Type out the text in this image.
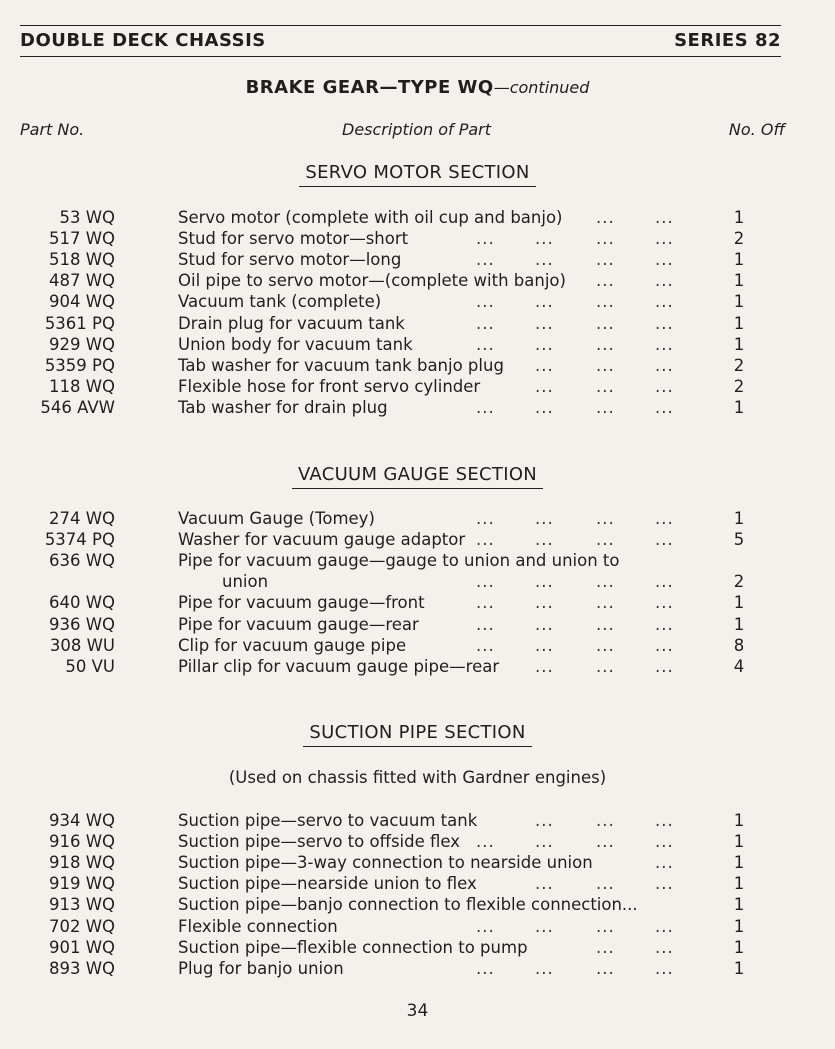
DOUBLE DECK CHASSIS	SERIES 82
BRAKE GEAR—TYPE WQ—continued
Part No.	Description of Part	No. Off
SERVO MOTOR SECTION
53 WQ	Servo motor (complete with oil cup and banjo)	1
... ...
517 WQ	Stud for servo motor—short	2
... ...	... ...
518 WQ	Stud for servo motor—long	1
... ...	... ...
487 WQ	Oil pipe to servo motor—(complete with banjo)	1
... ...
904 WQ	Vacuum tank (complete)	1
... ...	... ...
5361 PQ	Drain plug for vacuum tank	1
... ...	... ...
929 WQ	Union body for vacuum tank	1
... ...	... ...
5359 PQ	Tab washer for vacuum tank banjo plug	2
...	... ...
118 WQ	Flexible hose for front servo cylinder	2
...	... ...
546 AVW	Tab washer for drain plug	1
... ...	... ...
VACUUM GAUGE SECTION
274 WQ	Vacuum Gauge (Tomey)	1
... ...	... ...
5374 PQ	Washer for vacuum gauge adaptor	5
... ...	... ...
636 WQ	Pipe for vacuum gauge—gauge to union and union to
union	2
... ...	... ...
640 WQ	Pipe for vacuum gauge—front	1
... ...	... ...
936 WQ	Pipe for vacuum gauge—rear	1
... ...	... ...
308 WU	Clip for vacuum gauge pipe	8
... ...	... ...
50 VU	Pillar clip for vacuum gauge pipe—rear	4
...	... ...
SUCTION PIPE SECTION
(Used on chassis fitted with Gardner engines)
934 WQ	Suction pipe—servo to vacuum tank	1
...	... ...
916 WQ	Suction pipe—servo to offside flex	1
... ...	... ...
918 WQ	Suction pipe—3-way connection to nearside union	1
...
919 WQ	Suction pipe—nearside union to flex	1
...	... ...
913 WQ	Suction pipe—banjo connection to flexible connection...	1
702 WQ	Flexible connection	1
... ...	... ...
901 WQ	Suction pipe—flexible connection to pump	1
... ...
893 WQ	Plug for banjo union	1
... ...	... ...
34
